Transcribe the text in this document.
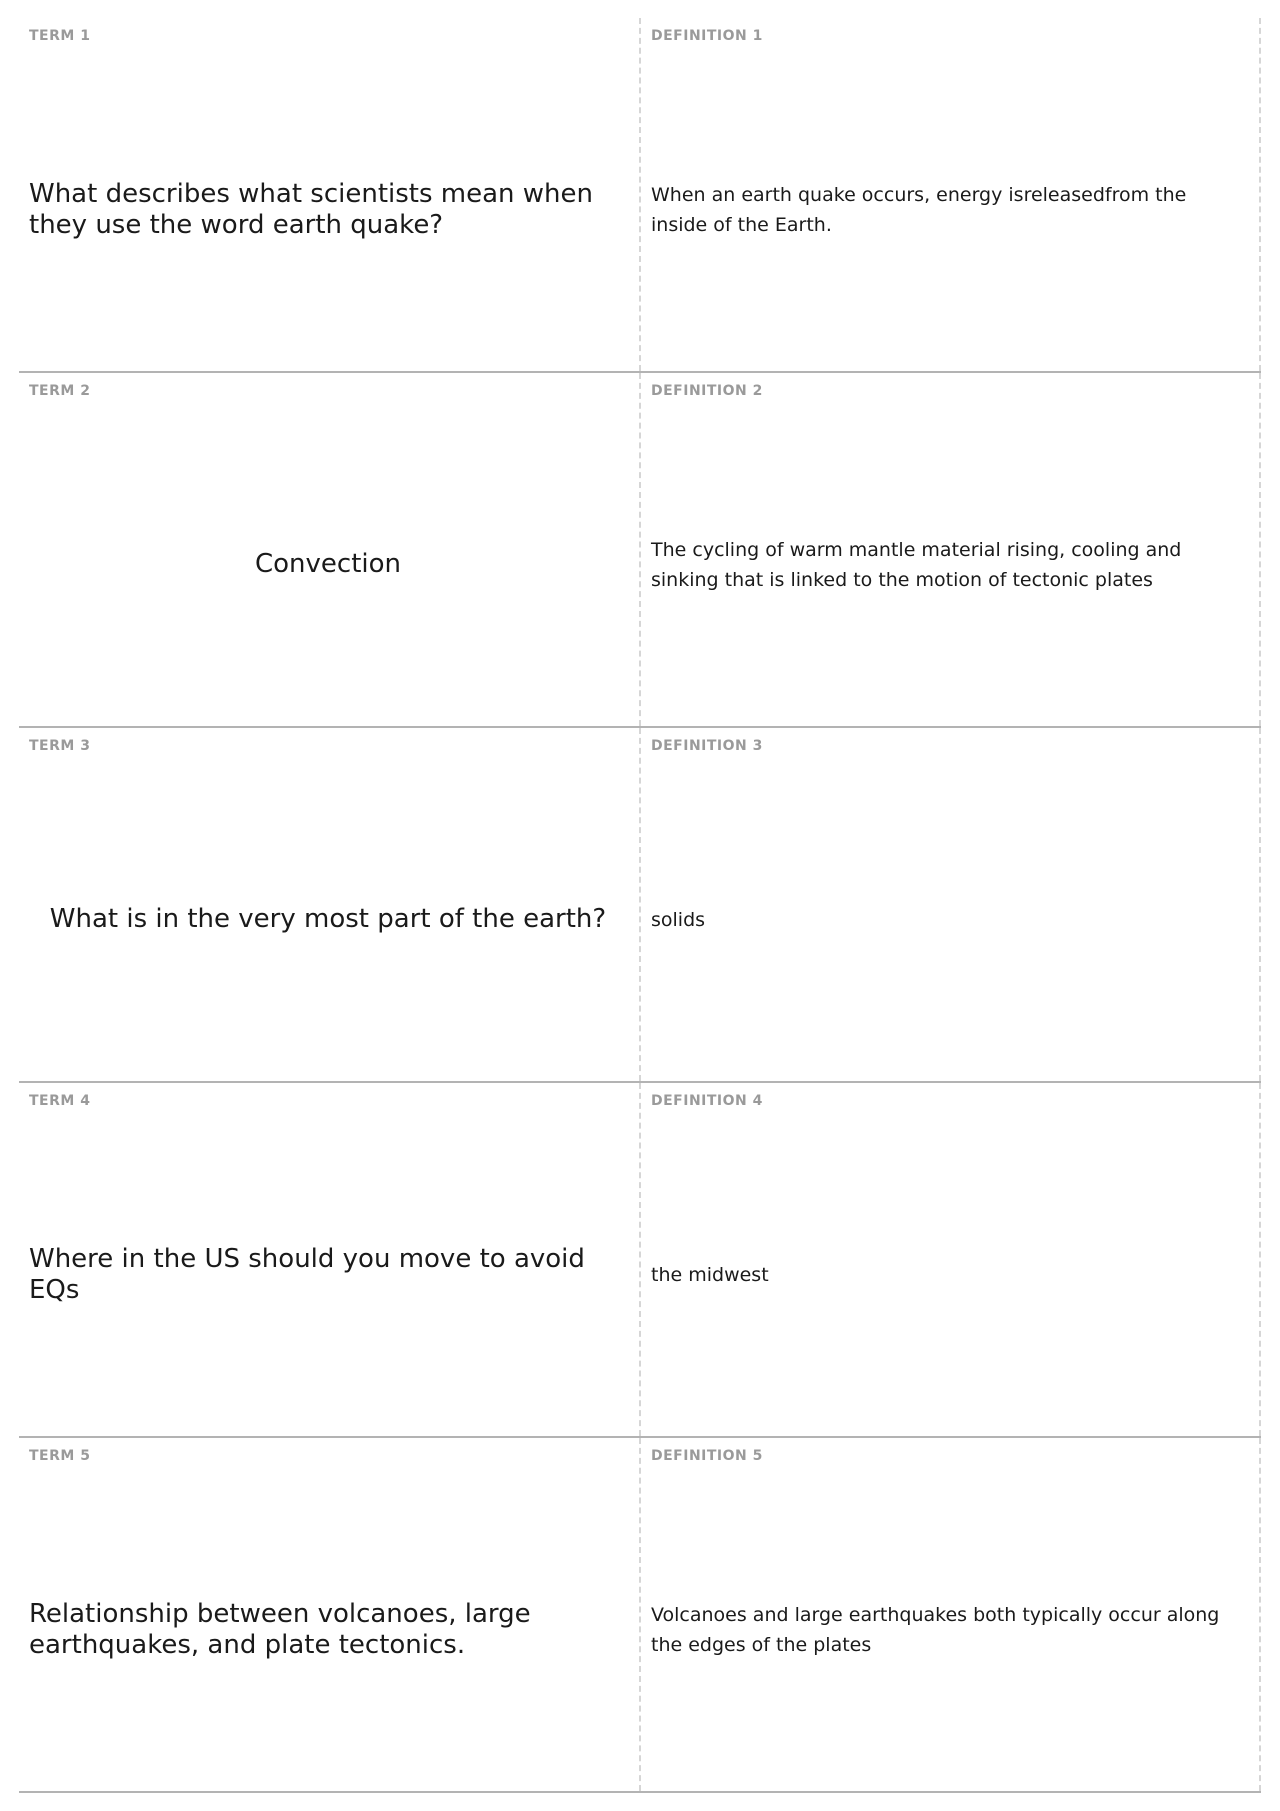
TERM 1
What describes what scientists mean when they use the word earth quake?
DEFINITION 1
When an earth quake occurs, energy isreleasedfrom the inside of the Earth.
TERM 2
Convection
DEFINITION 2
The cycling of warm mantle material rising, cooling and sinking that is linked to the motion of tectonic plates
TERM 3
What is in the very most part of the earth?
DEFINITION 3
solids
TERM 4
Where in the US should you move to avoid EQs
DEFINITION 4
the midwest
TERM 5
Relationship between volcanoes, large earthquakes, and plate tectonics.
DEFINITION 5
Volcanoes and large earthquakes both typically occur along the edges of the plates
